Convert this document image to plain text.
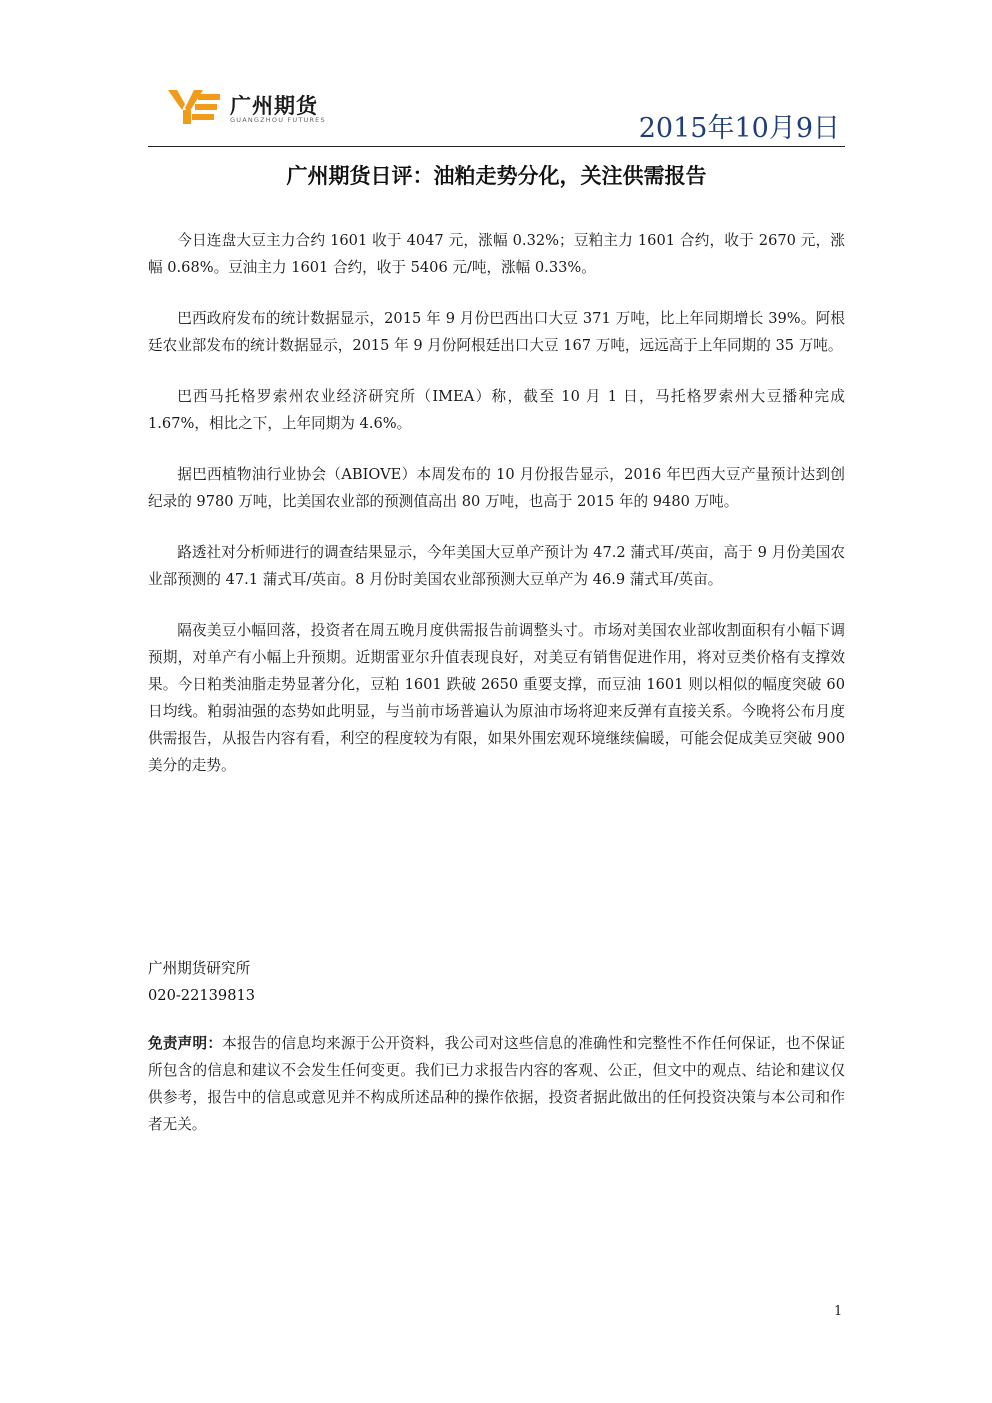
广州期货
GUANGZHOU FUTURES	2015年10月9日
广州期货日评：油粕走势分化，关注供需报告

今日连盘大豆主力合约 1601 收于 4047 元，涨幅 0.32%；豆粕主力 1601 合约，收于 2670 元，涨幅 0.68%。豆油主力 1601 合约，收于 5406 元/吨，涨幅 0.33%。

巴西政府发布的统计数据显示，2015 年 9 月份巴西出口大豆 371 万吨，比上年同期增长 39%。阿根廷农业部发布的统计数据显示，2015 年 9 月份阿根廷出口大豆 167 万吨，远远高于上年同期的 35 万吨。

巴西马托格罗索州农业经济研究所（IMEA）称，截至 10 月 1 日，马托格罗索州大豆播种完成 1.67%，相比之下，上年同期为 4.6%。

据巴西植物油行业协会（ABIOVE）本周发布的 10 月份报告显示，2016 年巴西大豆产量预计达到创纪录的 9780 万吨，比美国农业部的预测值高出 80 万吨，也高于 2015 年的 9480 万吨。

路透社对分析师进行的调查结果显示，今年美国大豆单产预计为 47.2 蒲式耳/英亩，高于 9 月份美国农业部预测的 47.1 蒲式耳/英亩。8 月份时美国农业部预测大豆单产为 46.9 蒲式耳/英亩。

隔夜美豆小幅回落，投资者在周五晚月度供需报告前调整头寸。市场对美国农业部收割面积有小幅下调预期，对单产有小幅上升预期。近期雷亚尔升值表现良好，对美豆有销售促进作用，将对豆类价格有支撑效果。今日粕类油脂走势显著分化，豆粕 1601 跌破 2650 重要支撑，而豆油 1601 则以相似的幅度突破 60 日均线。粕弱油强的态势如此明显，与当前市场普遍认为原油市场将迎来反弹有直接关系。今晚将公布月度供需报告，从报告内容有看，利空的程度较为有限，如果外围宏观环境继续偏暖，可能会促成美豆突破 900 美分的走势。

广州期货研究所
020-22139813
免责声明：本报告的信息均来源于公开资料，我公司对这些信息的准确性和完整性不作任何保证，也不保证所包含的信息和建议不会发生任何变更。我们已力求报告内容的客观、公正，但文中的观点、结论和建议仅供参考，报告中的信息或意见并不构成所述品种的操作依据，投资者据此做出的任何投资决策与本公司和作者无关。
1
